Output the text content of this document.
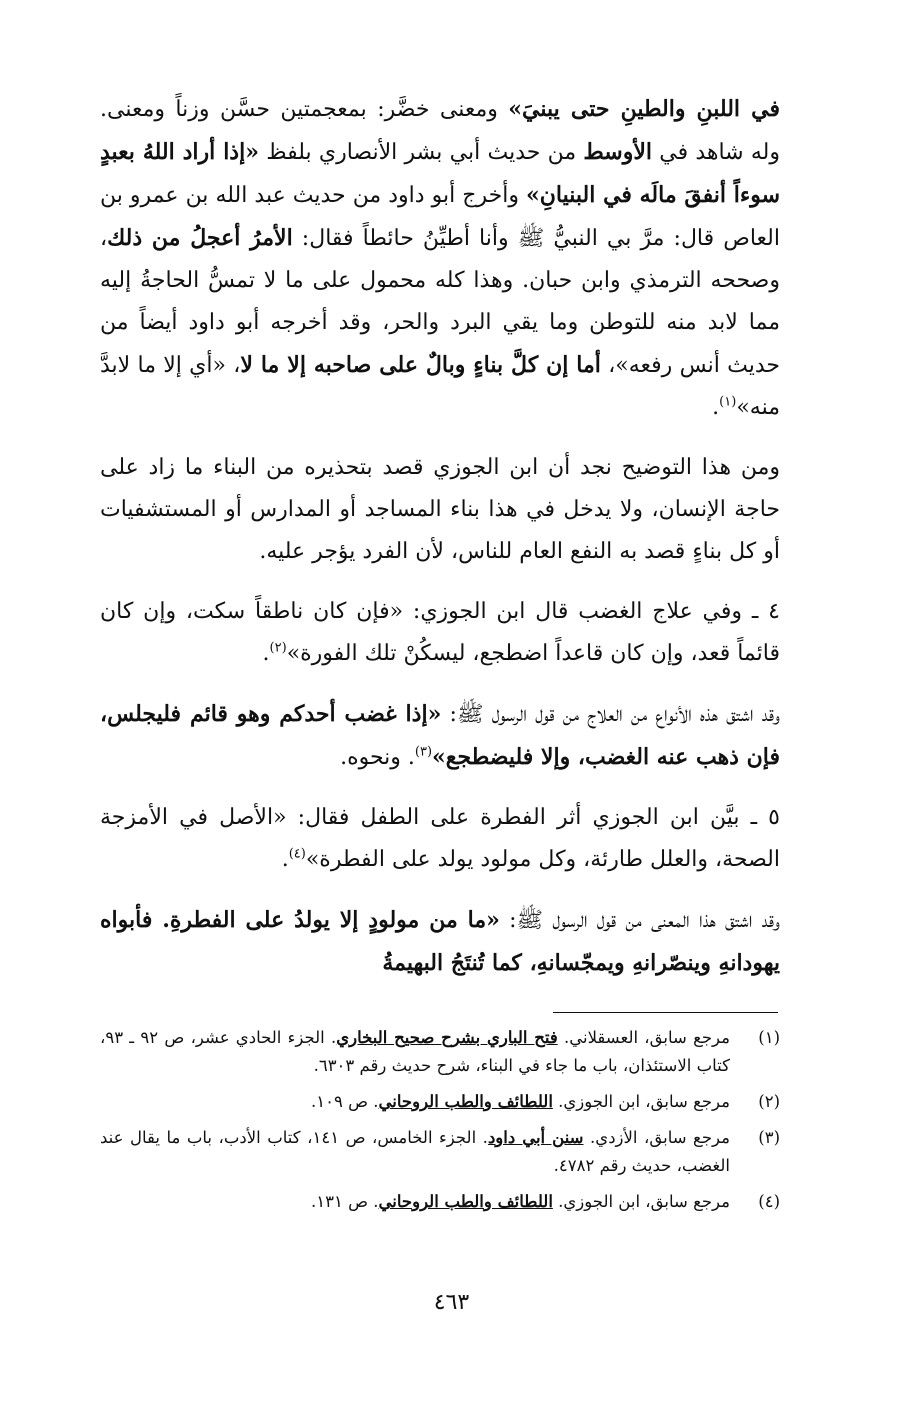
في اللبنِ والطينِ حتى يبنيَ» ومعنى خضَّر: بمعجمتين حسَّن وزناً ومعنى. وله شاهد في الأوسط من حديث أبي بشر الأنصاري بلفظ «إذا أراد اللهُ بعبدٍ سوءاً أنفقَ مالَه في البنيانِ» وأخرج أبو داود من حديث عبد الله بن عمرو بن العاص قال: مرَّ بي النبيُّ ﷺ وأنا أطيِّنُ حائطاً فقال: الأمرُ أعجلُ من ذلك، وصححه الترمذي وابن حبان. وهذا كله محمول على ما لا تمسُّ الحاجةُ إليه مما لابد منه للتوطن وما يقي البرد والحر، وقد أخرجه أبو داود أيضاً من حديث أنس رفعه»، أما إن كلَّ بناءٍ وبالٌ على صاحبه إلا ما لا، «أي إلا ما لابدَّ منه»$^{(١)}$.

ومن هذا التوضيح نجد أن ابن الجوزي قصد بتحذيره من البناء ما زاد على حاجة الإنسان، ولا يدخل في هذا بناء المساجد أو المدارس أو المستشفيات أو كل بناءٍ قصد به النفع العام للناس، لأن الفرد يؤجر عليه.

٤ ـ وفي علاج الغضب قال ابن الجوزي: «فإن كان ناطقاً سكت، وإن كان قائماً قعد، وإن كان قاعداً اضطجع، ليسكُنْ تلك الفورة»$^{(٢)}$.

وقد اشتق هذه الأنواع من العلاج من قول الرسول ﷺ: «إذا غضب أحدكم وهو قائم فليجلس، فإن ذهب عنه الغضب، وإلا فليضطجع»$^{(٣)}$. ونحوه.

٥ ـ بيَّن ابن الجوزي أثر الفطرة على الطفل فقال: «الأصل في الأمزجة الصحة، والعلل طارئة، وكل مولود يولد على الفطرة»$^{(٤)}$.

وقد اشتق هذا المعنى من قول الرسول ﷺ: «ما من مولودٍ إلا يولدُ على الفطرةِ. فأبواه يهودانهِ وينصّرانهِ ويمجّسانهِ، كما تُنتَجُ البهيمةُ

(١)
مرجع سابق، العسقلاني. فتح الباري بشرح صحيح البخاري. الجزء الحادي عشر، ص ٩٢ ـ ٩٣، كتاب الاستئذان، باب ما جاء في البناء، شرح حديث رقم ٦٣٠٣.
(٢)
مرجع سابق، ابن الجوزي. اللطائف والطب الروحاني. ص ١٠٩.
(٣)
مرجع سابق، الأزدي. سنن أبي داود. الجزء الخامس، ص ١٤١، كتاب الأدب، باب ما يقال عند الغضب، حديث رقم ٤٧٨٢.
(٤)
مرجع سابق، ابن الجوزي. اللطائف والطب الروحاني. ص ١٣١.
٤٦٣
